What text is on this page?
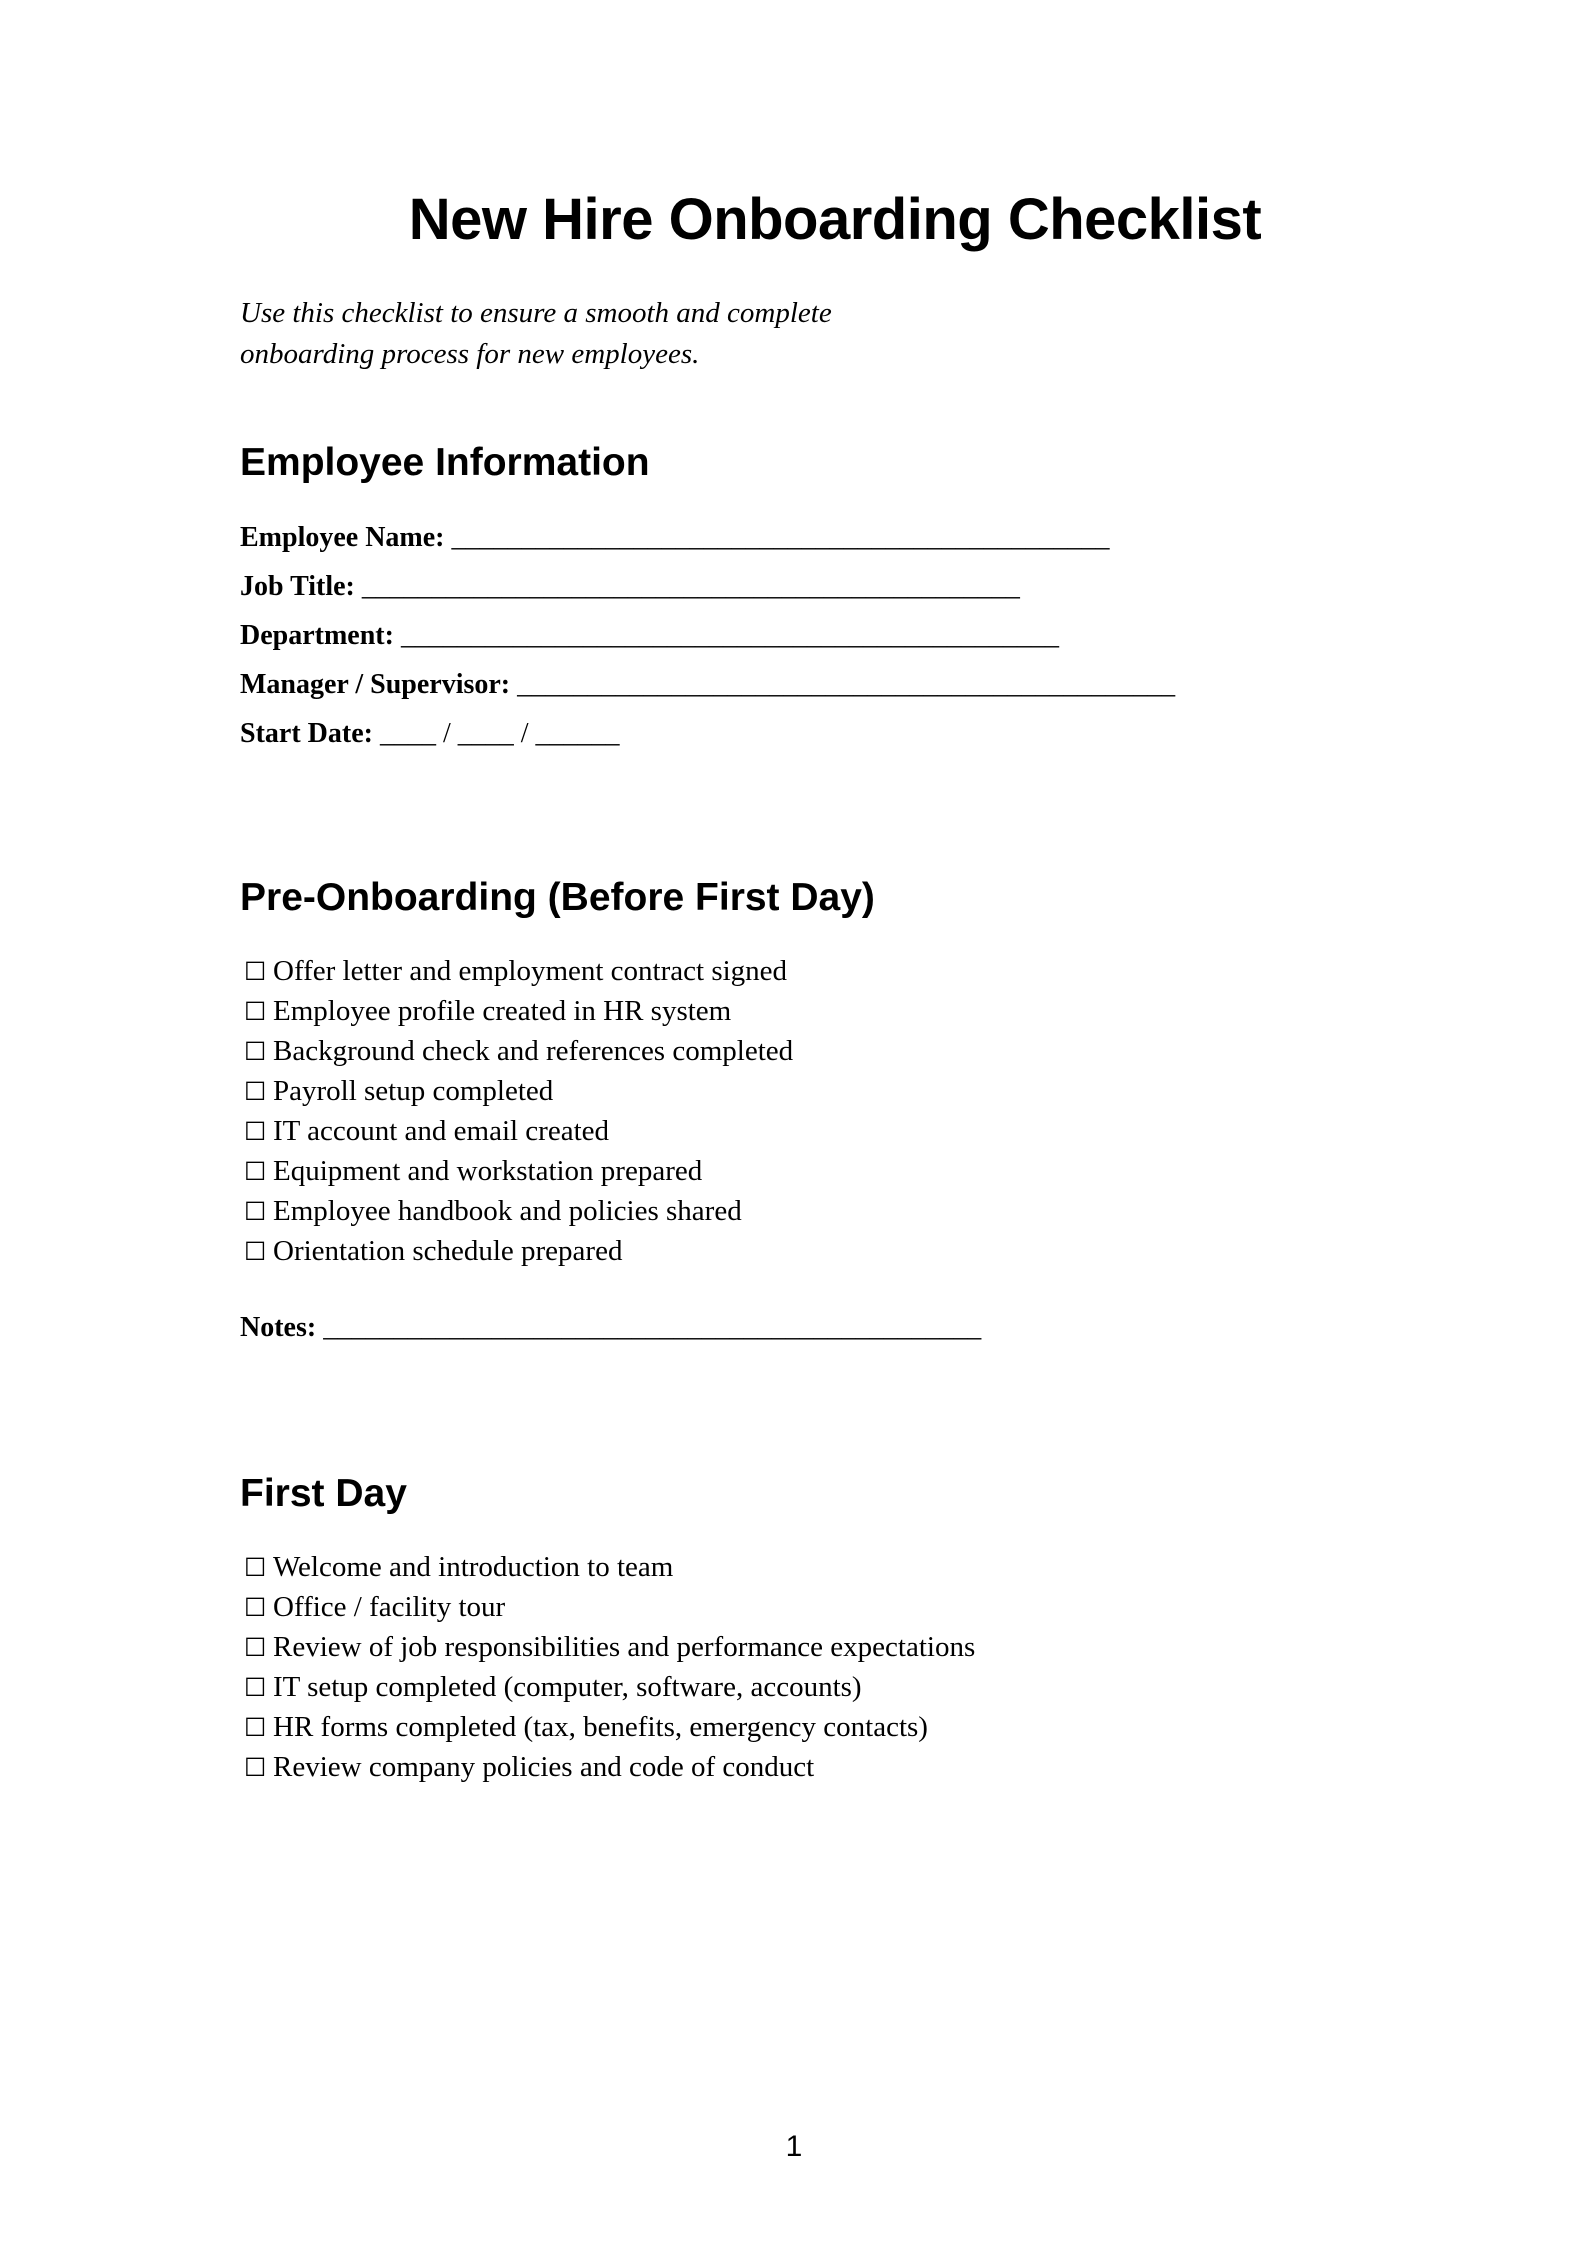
New Hire Onboarding Checklist

Use this checklist to ensure a smooth and complete onboarding process for new employees.

Employee Information
Employee Name: _______________________________________________
Job Title: _______________________________________________
Department: _______________________________________________
Manager / Supervisor: _______________________________________________
Start Date: ____ / ____ / ______
Pre-Onboarding (Before First Day)
☐ Offer letter and employment contract signed
☐ Employee profile created in HR system
☐ Background check and references completed
☐ Payroll setup completed
☐ IT account and email created
☐ Equipment and workstation prepared
☐ Employee handbook and policies shared
☐ Orientation schedule prepared
Notes: _______________________________________________
First Day
☐ Welcome and introduction to team
☐ Office / facility tour
☐ Review of job responsibilities and performance expectations
☐ IT setup completed (computer, software, accounts)
☐ HR forms completed (tax, benefits, emergency contacts)
☐ Review company policies and code of conduct
1
